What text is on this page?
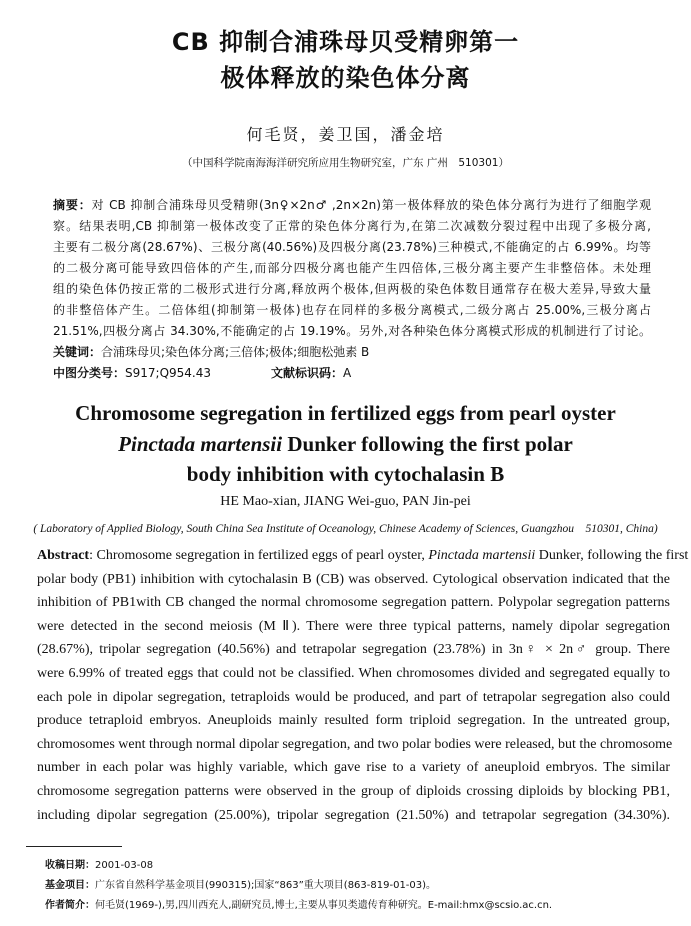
CB 抑制合浦珠母贝受精卵第一
极体释放的染色体分离
何毛贤，姜卫国，潘金培
（中国科学院南海海洋研究所应用生物研究室，广东 广州　510301）
摘要：对 CB 抑制合浦珠母贝受精卵(3n♀×2n♂ ,2n×2n)第一极体释放的染色体分离行为进行了细胞学观
察。结果表明,CB 抑制第一极体改变了正常的染色体分离行为,在第二次减数分裂过程中出现了多极分离,
主要有二极分离(28.67%)、三极分离(40.56%)及四极分离(23.78%)三种模式,不能确定的占 6.99%。均等
的二极分离可能导致四倍体的产生,而部分四极分离也能产生四倍体,三极分离主要产生非整倍体。未处理
组的染色体仍按正常的二极形式进行分离,释放两个极体,但两极的染色体数目通常存在极大差异,导致大量
的非整倍体产生。二倍体组(抑制第一极体)也存在同样的多极分离模式,二级分离占 25.00%,三极分离占
21.51%,四极分离占 34.30%,不能确定的占 19.19%。另外,对各种染色体分离模式形成的机制进行了讨论。
关键词：合浦珠母贝;染色体分离;三倍体;极体;细胞松弛素 B
中图分类号：S917;Q954.43	文献标识码：A
Chromosome segregation in fertilized eggs from pearl oyster
Pinctada martensii Dunker following the first polar
body inhibition with cytochalasin B
HE Mao-xian, JIANG Wei-guo, PAN Jin-pei
( Laboratory of Applied Biology, South China Sea Institute of Oceanology, Chinese Academy of Sciences, Guangzhou　510301, China)
Abstract: Chromosome segregation in fertilized eggs of pearl oyster, Pinctada martensii Dunker, following the first
polar body (PB1) inhibition with cytochalasin B (CB) was observed. Cytological observation indicated that the
inhibition of PB1with CB changed the normal chromosome segregation pattern. Polypolar segregation patterns
were detected in the second meiosis (M Ⅱ). There were three typical patterns, namely dipolar segregation
(28.67%), tripolar segregation (40.56%) and tetrapolar segregation (23.78%) in 3n♀ × 2n♂ group. There
were 6.99% of treated eggs that could not be classified. When chromosomes divided and segregated equally to
each pole in dipolar segregation, tetraploids would be produced, and part of tetrapolar segregation also could
produce tetraploid embryos. Aneuploids mainly resulted form triploid segregation. In the untreated group,
chromosomes went through normal dipolar segregation, and two polar bodies were released, but the chromosome
number in each polar was highly variable, which gave rise to a variety of aneuploid embryos. The similar
chromosome segregation patterns were observed in the group of diploids crossing diploids by blocking PB1,
including dipolar segregation (25.00%), tripolar segregation (21.50%) and tetrapolar segregation (34.30%).
收稿日期：2001-03-08
基金项目：广东省自然科学基金项目(990315);国家“863”重大项目(863-819-01-03)。
作者简介：何毛贤(1969-),男,四川西充人,副研究员,博士,主要从事贝类遗传育种研究。E-mail:hmx@scsio.ac.cn.
